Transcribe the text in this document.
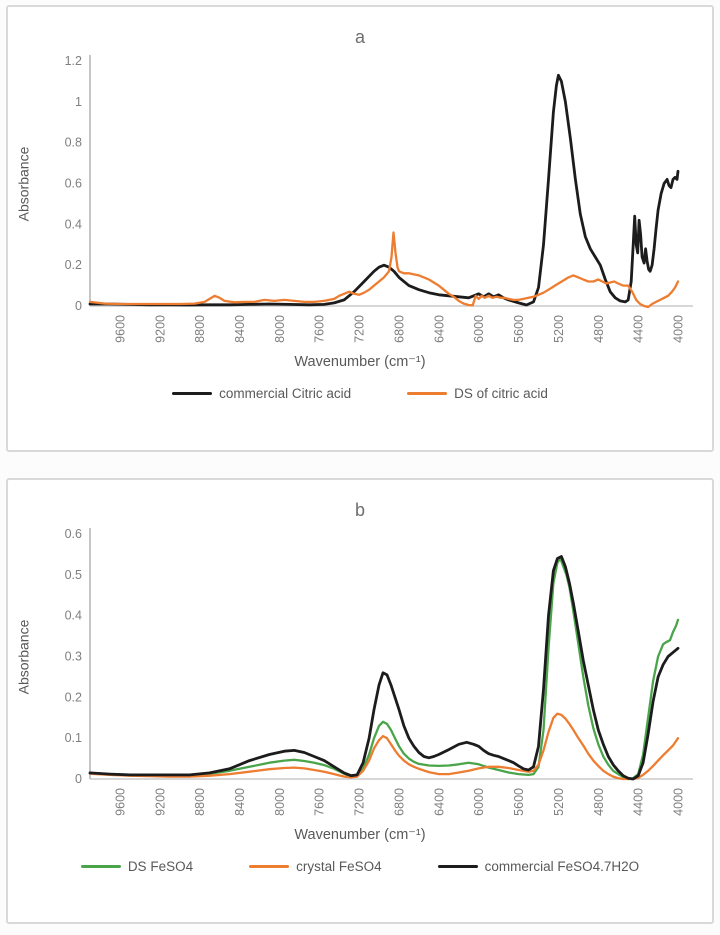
a
Absorbance
0
0.2
0.4
0.6
0.8
1
1.2
9600 9200 8800 8400 8000 7600 7200 6800 6400 6000 5600 5200 4800 4400 4000
Wavenumber (cm⁻¹)
commercial Citric acid	DS of citric acid
b
Absorbance
0
0.1
0.2
0.3
0.4
0.5
0.6
9600 9200 8800 8400 8000 7600 7200 6800 6400 6000 5600 5200 4800 4400 4000
Wavenumber (cm⁻¹)
DS FeSO4	crystal FeSO4	commercial FeSO4.7H2O
